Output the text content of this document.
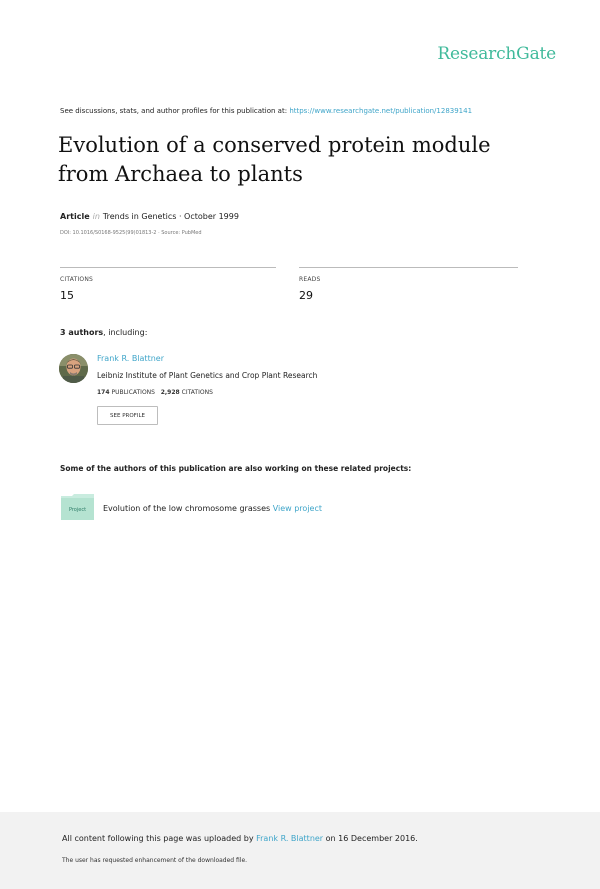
ResearchGate
See discussions, stats, and author profiles for this publication at: https://www.researchgate.net/publication/12839141
Evolution of a conserved protein module from Archaea to plants
Article in Trends in Genetics · October 1999
DOI: 10.1016/S0168-9525(99)01813-2 · Source: PubMed
CITATIONS
15
READS
29
3 authors, including:
Frank R. Blattner
Leibniz Institute of Plant Genetics and Crop Plant Research
174 PUBLICATIONS 2,928 CITATIONS
SEE PROFILE
Some of the authors of this publication are also working on these related projects:
Project Evolution of the low chromosome grasses View project
All content following this page was uploaded by Frank R. Blattner on 16 December 2016.
The user has requested enhancement of the downloaded file.
